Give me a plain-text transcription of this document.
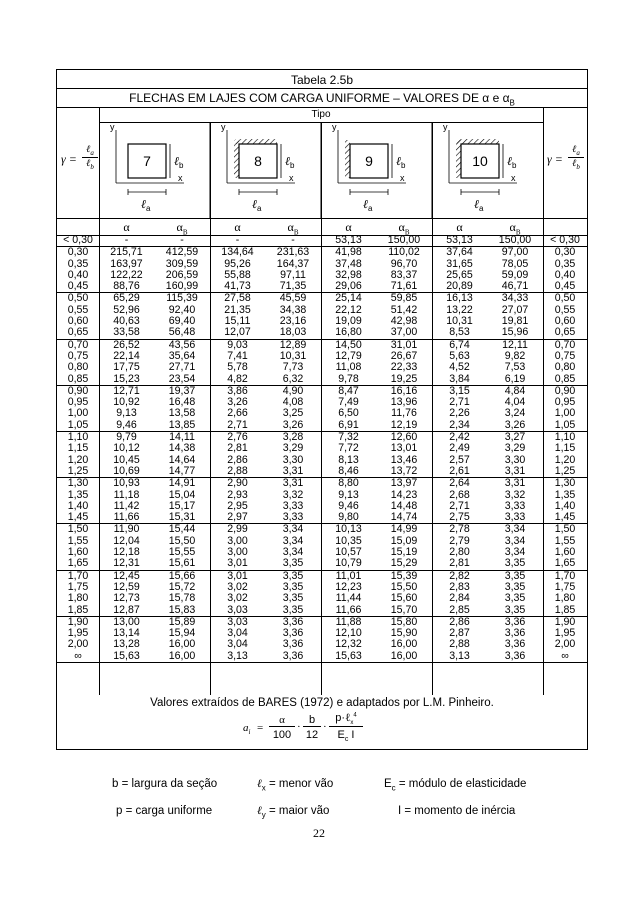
Tabela 2.5b
FLECHAS EM LAJES COM CARGA UNIFORME – VALORES DE α e $\alpha_B$
γ =
ℓ$_a$
ℓ$_b$
γ =
ℓ$_a$
ℓ$_b$
Tipo
y
x
7 ℓ$_b$
ℓ$_a$
y
x
8 ℓ$_b$
ℓ$_a$
y
x
9 ℓ$_b$
ℓ$_a$
y
x
10 ℓ$_b$
ℓ$_a$
α	$\alpha_B$	α	$\alpha_B$	α	$\alpha_B$	α	$\alpha_B$
< 0,30	-	-	-	-	53,13	150,00	53,13	150,00	< 0,30
0,30	215,71	412,59	134,64	231,63	41,98	110,02	37,64	97,00	0,30
0,35	163,97	309,59	95,26	164,37	37,48	96,70	31,65	78,05	0,35
0,40	122,22	206,59	55,88	97,11	32,98	83,37	25,65	59,09	0,40
0,45	88,76	160,99	41,73	71,35	29,06	71,61	20,89	46,71	0,45
0,50	65,29	115,39	27,58	45,59	25,14	59,85	16,13	34,33	0,50
0,55	52,96	92,40	21,35	34,38	22,12	51,42	13,22	27,07	0,55
0,60	40,63	69,40	15,11	23,16	19,09	42,98	10,31	19,81	0,60
0,65	33,58	56,48	12,07	18,03	16,80	37,00	8,53	15,96	0,65
0,70	26,52	43,56	9,03	12,89	14,50	31,01	6,74	12,11	0,70
0,75	22,14	35,64	7,41	10,31	12,79	26,67	5,63	9,82	0,75
0,80	17,75	27,71	5,78	7,73	11,08	22,33	4,52	7,53	0,80
0,85	15,23	23,54	4,82	6,32	9,78	19,25	3,84	6,19	0,85
0,90	12,71	19,37	3,86	4,90	8,47	16,16	3,15	4,84	0,90
0,95	10,92	16,48	3,26	4,08	7,49	13,96	2,71	4,04	0,95
1,00	9,13	13,58	2,66	3,25	6,50	11,76	2,26	3,24	1,00
1,05	9,46	13,85	2,71	3,26	6,91	12,19	2,34	3,26	1,05
1,10	9,79	14,11	2,76	3,28	7,32	12,60	2,42	3,27	1,10
1,15	10,12	14,38	2,81	3,29	7,72	13,01	2,49	3,29	1,15
1,20	10,45	14,64	2,86	3,30	8,13	13,46	2,57	3,30	1,20
1,25	10,69	14,77	2,88	3,31	8,46	13,72	2,61	3,31	1,25
1,30	10,93	14,91	2,90	3,31	8,80	13,97	2,64	3,31	1,30
1,35	11,18	15,04	2,93	3,32	9,13	14,23	2,68	3,32	1,35
1,40	11,42	15,17	2,95	3,33	9,46	14,48	2,71	3,33	1,40
1,45	11,66	15,31	2,97	3,33	9,80	14,74	2,75	3,33	1,45
1,50	11,90	15,44	2,99	3,34	10,13	14,99	2,78	3,34	1,50
1,55	12,04	15,50	3,00	3,34	10,35	15,09	2,79	3,34	1,55
1,60	12,18	15,55	3,00	3,34	10,57	15,19	2,80	3,34	1,60
1,65	12,31	15,61	3,01	3,35	10,79	15,29	2,81	3,35	1,65
1,70	12,45	15,66	3,01	3,35	11,01	15,39	2,82	3,35	1,70
1,75	12,59	15,72	3,02	3,35	12,23	15,50	2,83	3,35	1,75
1,80	12,73	15,78	3,02	3,35	11,44	15,60	2,84	3,35	1,80
1,85	12,87	15,83	3,03	3,35	11,66	15,70	2,85	3,35	1,85
1,90	13,00	15,89	3,03	3,36	11,88	15,80	2,86	3,36	1,90
1,95	13,14	15,94	3,04	3,36	12,10	15,90	2,87	3,36	1,95
2,00	13,28	16,00	3,04	3,36	12,32	16,00	2,88	3,36	2,00
∞	15,63	16,00	3,13	3,36	15,63	16,00	3,13	3,36	∞
Valores extraídos de BARES (1972) e adaptados por L.M. Pinheiro.
$a_i$ =
α
100
·
b
12
·
p·ℓ$_x^4$
$E_c$ I
b = largura da seção	ℓ$_x$ = menor vão	$E_c$ = módulo de elasticidade
p = carga uniforme	ℓ$_y$ = maior vão	I = momento de inércia
22
